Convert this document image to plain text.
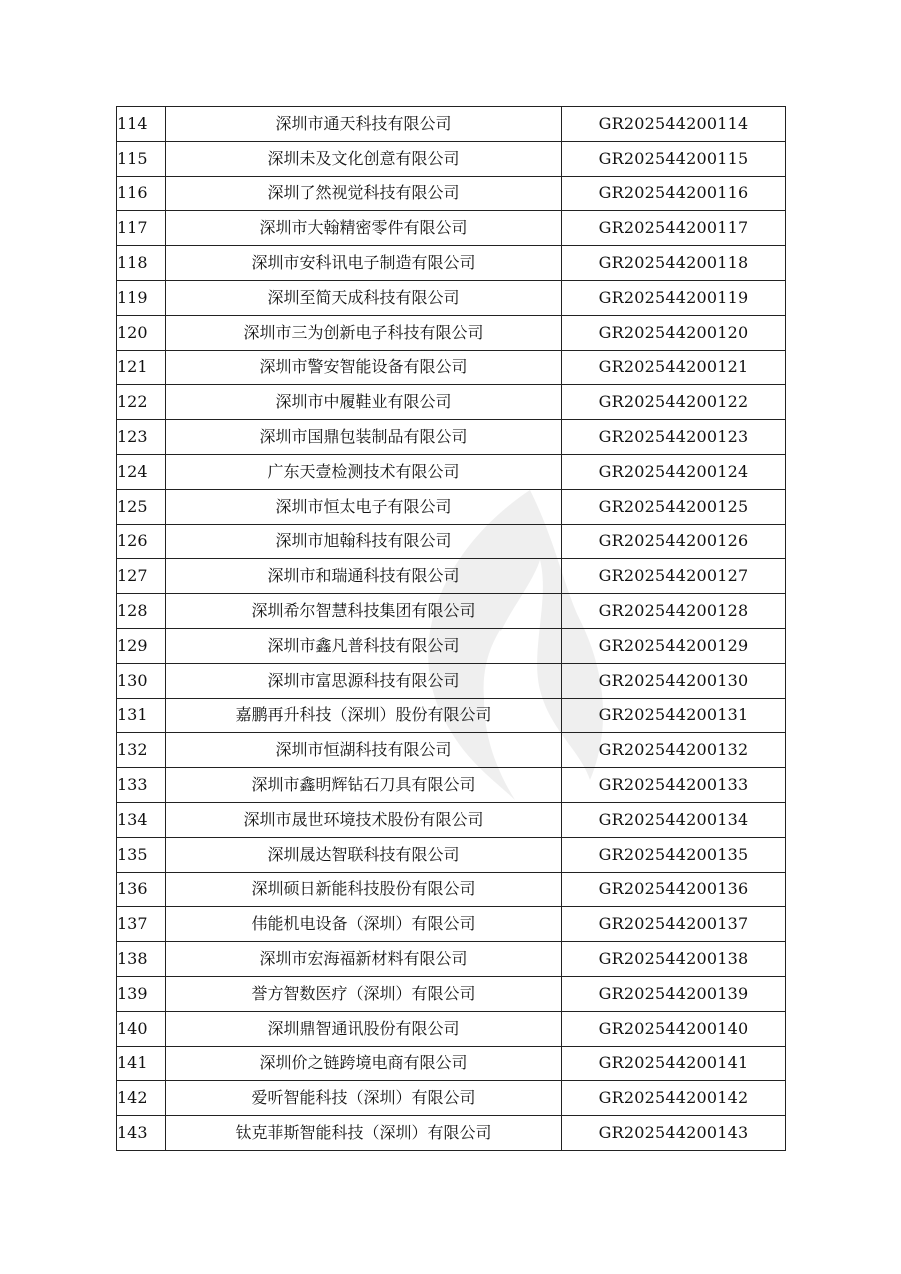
114	深圳市通天科技有限公司	GR202544200114
115	深圳未及文化创意有限公司	GR202544200115
116	深圳了然视觉科技有限公司	GR202544200116
117	深圳市大翰精密零件有限公司	GR202544200117
118	深圳市安科讯电子制造有限公司	GR202544200118
119	深圳至简天成科技有限公司	GR202544200119
120	深圳市三为创新电子科技有限公司	GR202544200120
121	深圳市警安智能设备有限公司	GR202544200121
122	深圳市中履鞋业有限公司	GR202544200122
123	深圳市国鼎包装制品有限公司	GR202544200123
124	广东天壹检测技术有限公司	GR202544200124
125	深圳市恒太电子有限公司	GR202544200125
126	深圳市旭翰科技有限公司	GR202544200126
127	深圳市和瑞通科技有限公司	GR202544200127
128	深圳希尔智慧科技集团有限公司	GR202544200128
129	深圳市鑫凡普科技有限公司	GR202544200129
130	深圳市富思源科技有限公司	GR202544200130
131	嘉鹏再升科技（深圳）股份有限公司	GR202544200131
132	深圳市恒湖科技有限公司	GR202544200132
133	深圳市鑫明辉钻石刀具有限公司	GR202544200133
134	深圳市晟世环境技术股份有限公司	GR202544200134
135	深圳晟达智联科技有限公司	GR202544200135
136	深圳硕日新能科技股份有限公司	GR202544200136
137	伟能机电设备（深圳）有限公司	GR202544200137
138	深圳市宏海福新材料有限公司	GR202544200138
139	誉方智数医疗（深圳）有限公司	GR202544200139
140	深圳鼎智通讯股份有限公司	GR202544200140
141	深圳价之链跨境电商有限公司	GR202544200141
142	爱听智能科技（深圳）有限公司	GR202544200142
143	钛克菲斯智能科技（深圳）有限公司	GR202544200143
